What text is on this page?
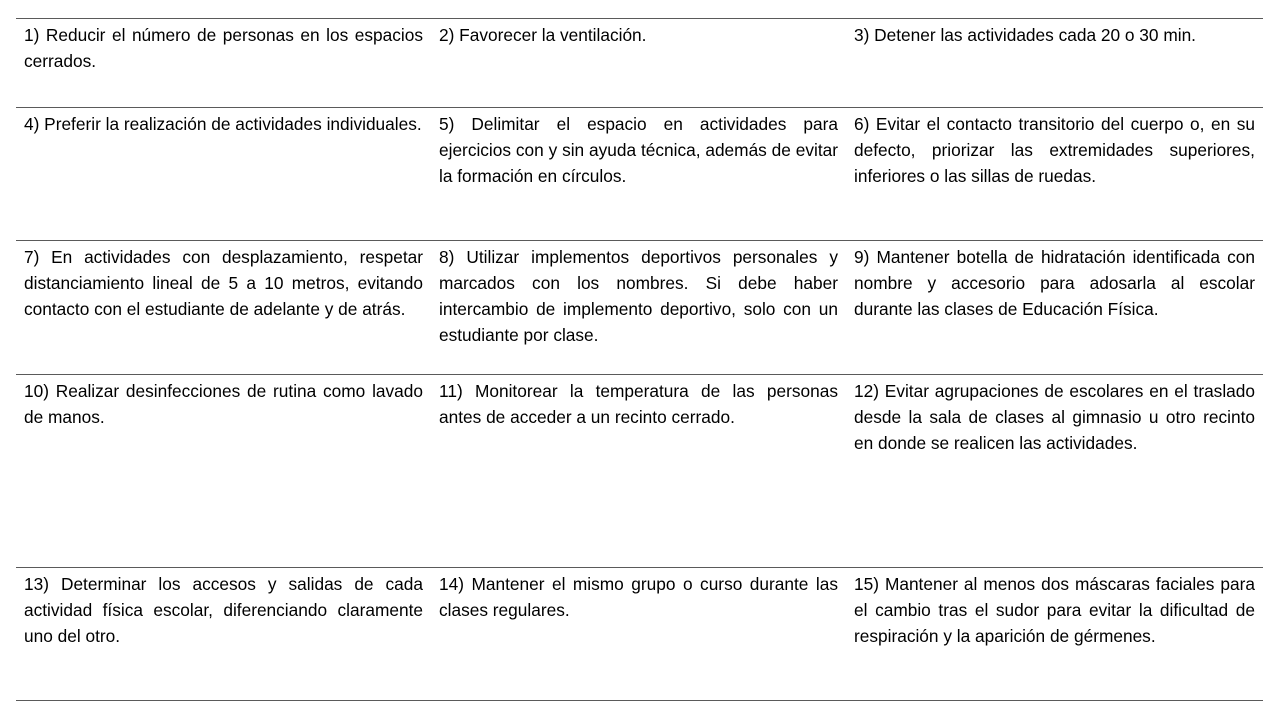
1) Reducir el número de personas en los espacios cerrados.
2) Favorecer la ventilación.	3) Detener las actividades cada 20 o 30 min.
4) Preferir la realización de actividades individuales.	5) Delimitar el espacio en actividades para ejercicios con y sin ayuda técnica, además de evitar la formación en círculos.
6) Evitar el contacto transitorio del cuerpo o, en su defecto, priorizar las extremidades superiores, inferiores o las sillas de ruedas.
7) En actividades con desplazamiento, respetar distanciamiento lineal de 5 a 10 metros, evitando contacto con el estudiante de adelante y de atrás.
8) Utilizar implementos deportivos personales y marcados con los nombres. Si debe haber intercambio de implemento deportivo, solo con un estudiante por clase.
9) Mantener botella de hidratación identificada con nombre y accesorio para adosarla al escolar durante las clases de Educación Física.
10) Realizar desinfecciones de rutina como lavado de manos.
11) Monitorear la temperatura de las personas antes de acceder a un recinto cerrado.
12) Evitar agrupaciones de escolares en el traslado desde la sala de clases al gimnasio u otro recinto en donde se realicen las actividades.
13) Determinar los accesos y salidas de cada actividad física escolar, diferenciando claramente uno del otro.
14) Mantener el mismo grupo o curso durante las clases regulares.
15) Mantener al menos dos máscaras faciales para el cambio tras el sudor para evitar la dificultad de respiración y la aparición de gérmenes.
